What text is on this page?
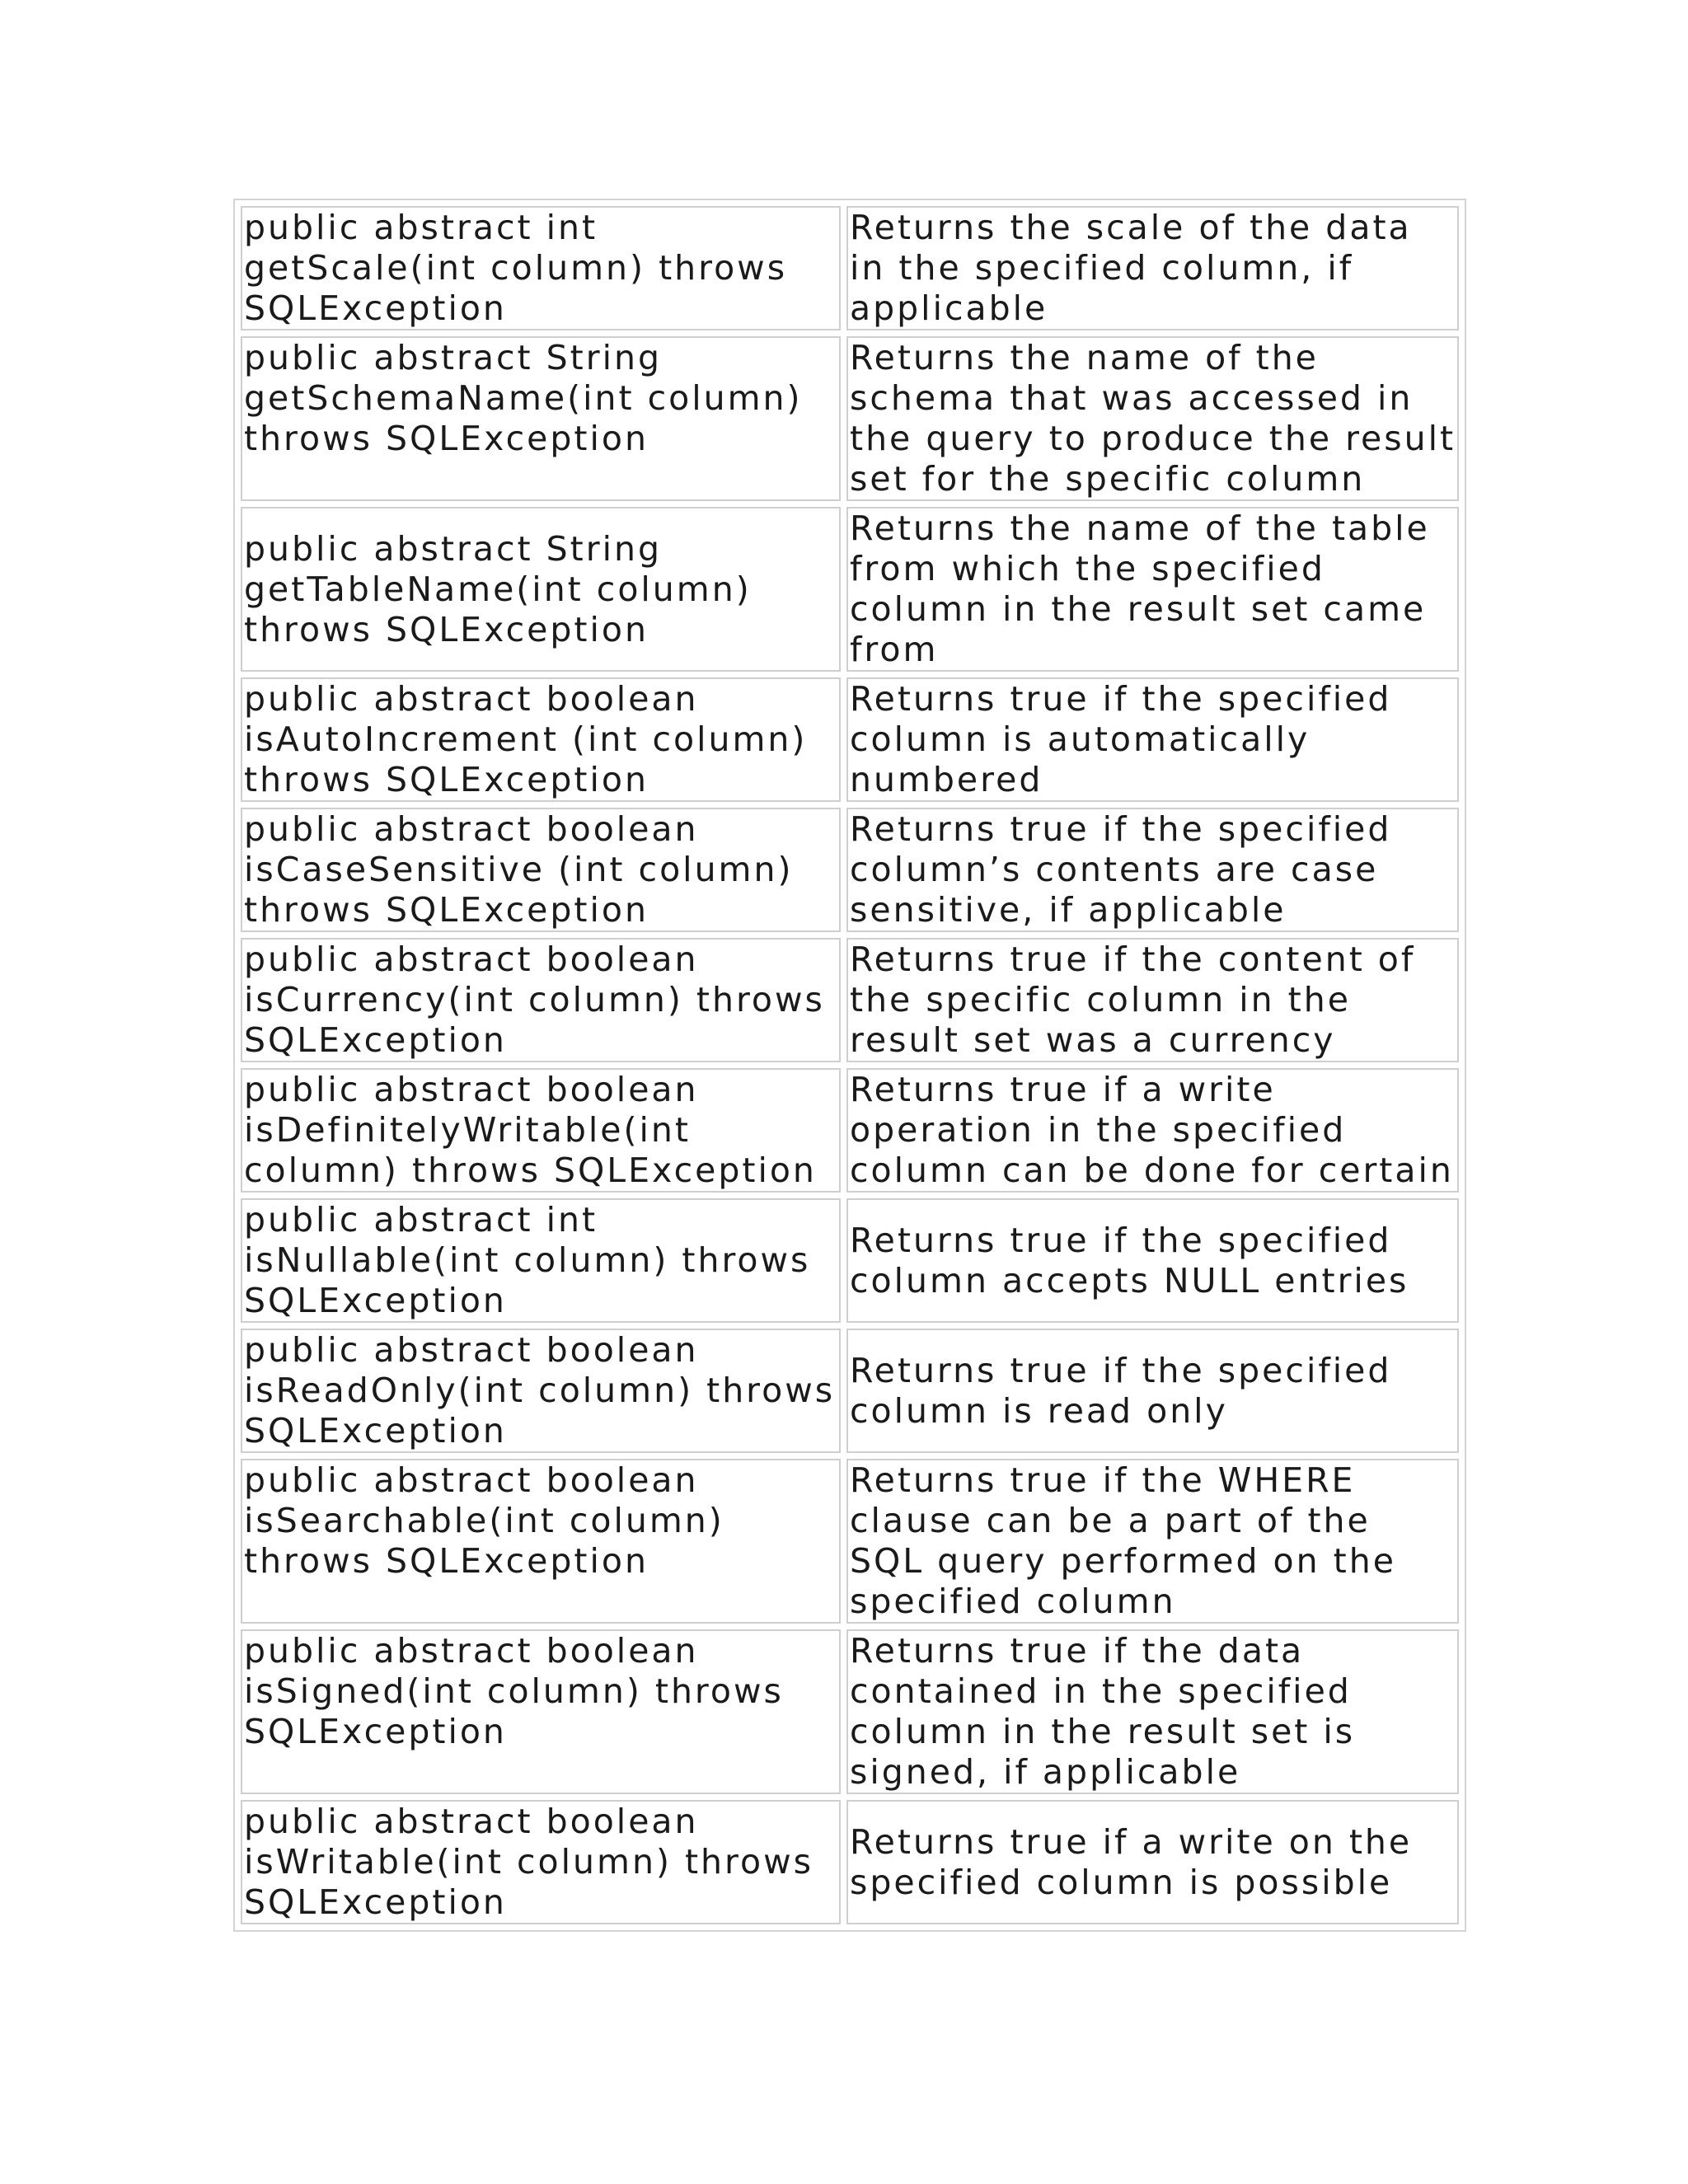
public abstract int getScale(int column) throws SQLException	Returns the scale of the data in the specified column, if applicable
public abstract String getSchemaName(int column) throws SQLException	Returns the name of the schema that was accessed in the query to produce the result set for the specific column
public abstract String getTableName(int column) throws SQLException	Returns the name of the table from which the specified column in the result set came from
public abstract boolean isAutoIncrement (int column) throws SQLException	Returns true if the specified column is automatically numbered
public abstract boolean isCaseSensitive (int column) throws SQLException	Returns true if the specified column’s contents are case sensitive, if applicable
public abstract boolean isCurrency(int column) throws SQLException	Returns true if the content of the specific column in the result set was a currency
public abstract boolean isDefinitelyWritable(int column) throws SQLException	Returns true if a write operation in the specified column can be done for certain
public abstract int isNullable(int column) throws SQLException	Returns true if the specified column accepts NULL entries
public abstract boolean isReadOnly(int column) throws SQLException	Returns true if the specified column is read only
public abstract boolean isSearchable(int column) throws SQLException	Returns true if the WHERE clause can be a part of the SQL query performed on the specified column
public abstract boolean isSigned(int column) throws SQLException	Returns true if the data contained in the specified column in the result set is signed, if applicable
public abstract boolean isWritable(int column) throws SQLException	Returns true if a write on the specified column is possible
